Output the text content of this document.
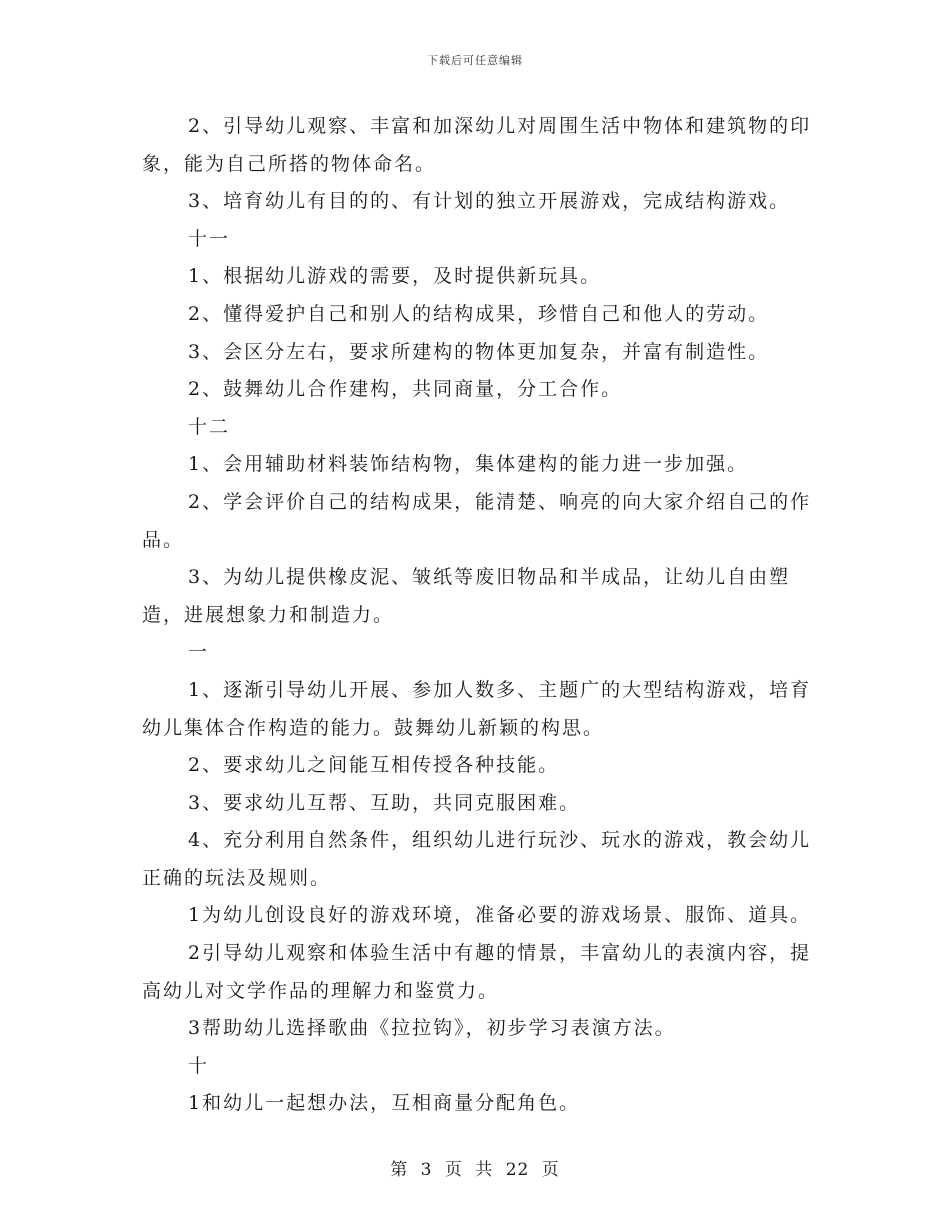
下载后可任意编辑

2、引导幼儿观察、丰富和加深幼儿对周围生活中物体和建筑物的印象，能为自己所搭的物体命名。

3、培育幼儿有目的的、有计划的独立开展游戏，完成结构游戏。

十一

1、根据幼儿游戏的需要，及时提供新玩具。

2、懂得爱护自己和别人的结构成果，珍惜自己和他人的劳动。

3、会区分左右，要求所建构的物体更加复杂，并富有制造性。

2、鼓舞幼儿合作建构，共同商量，分工合作。

十二

1、会用辅助材料装饰结构物，集体建构的能力进一步加强。

2、学会评价自己的结构成果，能清楚、响亮的向大家介绍自己的作品。

3、为幼儿提供橡皮泥、皱纸等废旧物品和半成品，让幼儿自由塑造，进展想象力和制造力。

一

1、逐渐引导幼儿开展、参加人数多、主题广的大型结构游戏，培育幼儿集体合作构造的能力。鼓舞幼儿新颖的构思。

2、要求幼儿之间能互相传授各种技能。

3、要求幼儿互帮、互助，共同克服困难。

4、充分利用自然条件，组织幼儿进行玩沙、玩水的游戏，教会幼儿正确的玩法及规则。

1为幼儿创设良好的游戏环境，准备必要的游戏场景、服饰、道具。

2引导幼儿观察和体验生活中有趣的情景，丰富幼儿的表演内容，提高幼儿对文学作品的理解力和鉴赏力。

3帮助幼儿选择歌曲《拉拉钩》，初步学习表演方法。

十

1和幼儿一起想办法，互相商量分配角色。

第 3 页 共 22 页
